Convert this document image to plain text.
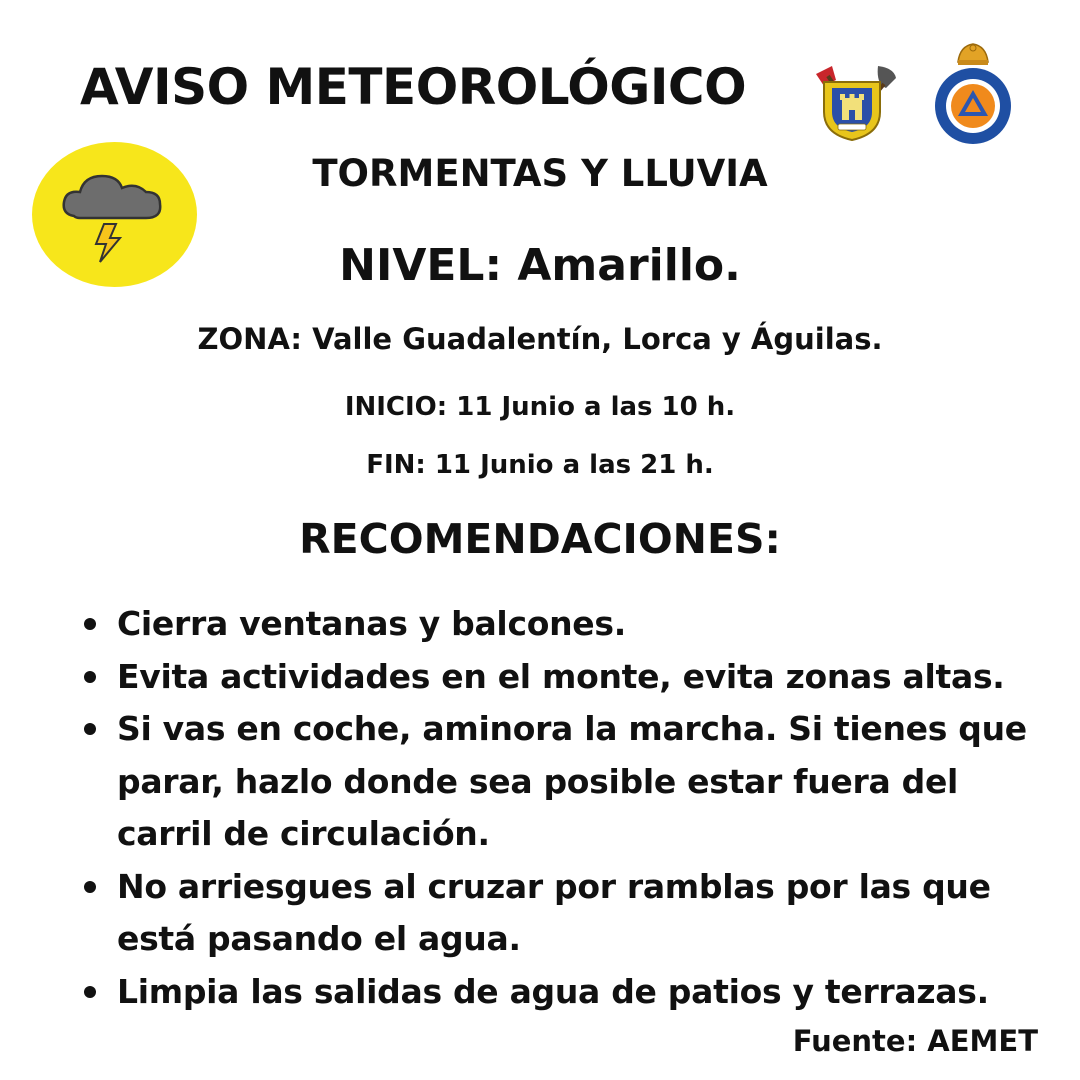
AVISO METEOROLÓGICO
TORMENTAS Y LLUVIA
NIVEL: Amarillo.
ZONA: Valle Guadalentín, Lorca y Águilas.
INICIO: 11 Junio a las 10 h.
FIN: 11 Junio a las 21 h.
RECOMENDACIONES:
Cierra ventanas y balcones.
Evita actividades en el monte, evita zonas altas.
Si vas en coche, aminora la marcha. Si tienes que parar, hazlo donde sea posible estar fuera del carril de circulación.
No arriesgues al cruzar por ramblas por las que está pasando el agua.
Limpia las salidas de agua de patios y terrazas.
Fuente: AEMET
